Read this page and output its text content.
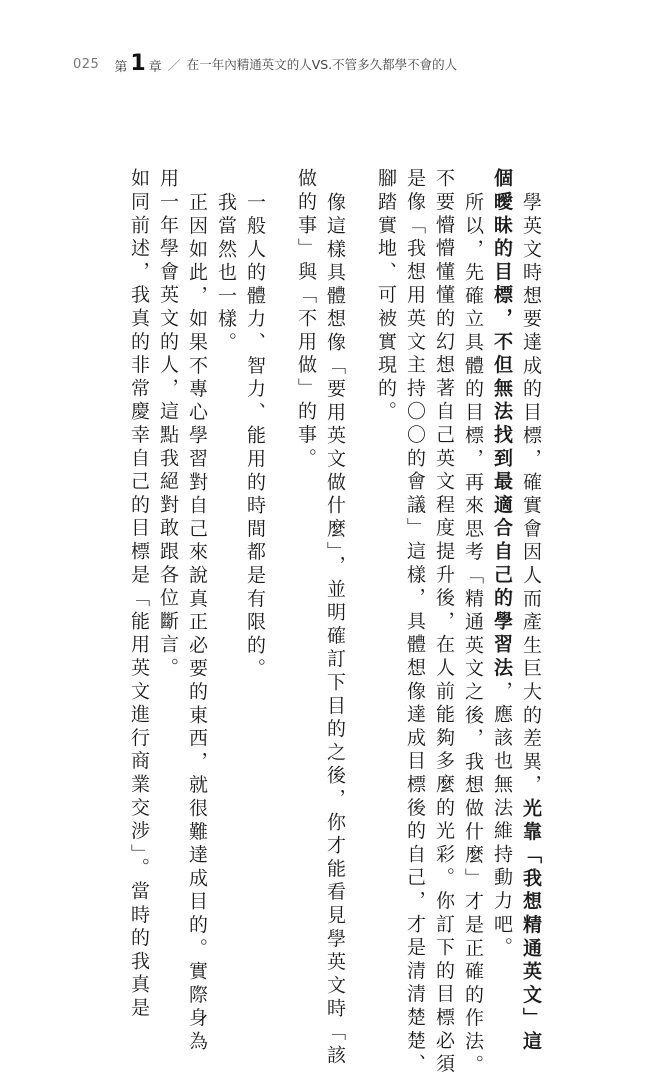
025 第 1 章 ／ 在一年內精通英文的人VS.不管多久都學不會的人
學英文時想要達成的目標，確實會因人而產生巨大的差異，光靠「我想精通英文」這
個曖昧的目標，不但無法找到最適合自己的學習法，應該也無法維持動力吧。
所以，先確立具體的目標，再來思考「精通英文之後，我想做什麼」才是正確的作法。
不要懵懵懂懂的幻想著自己英文程度提升後，在人前能夠多麼的光彩。你訂下的目標必須
是像「我想用英文主持〇〇的會議」這樣，具體想像達成目標後的自己，才是清清楚楚、
腳踏實地、可被實現的。
像這樣具體想像「要用英文做什麼」，並明確訂下目的之後，你才能看見學英文時「該
做的事」與「不用做」的事。
一般人的體力、智力、能用的時間都是有限的。
我當然也一樣。
正因如此，如果不專心學習對自己來說真正必要的東西，就很難達成目的。實際身為
用一年學會英文的人，這點我絕對敢跟各位斷言。
如同前述，我真的非常慶幸自己的目標是「能用英文進行商業交涉」。當時的我真是
